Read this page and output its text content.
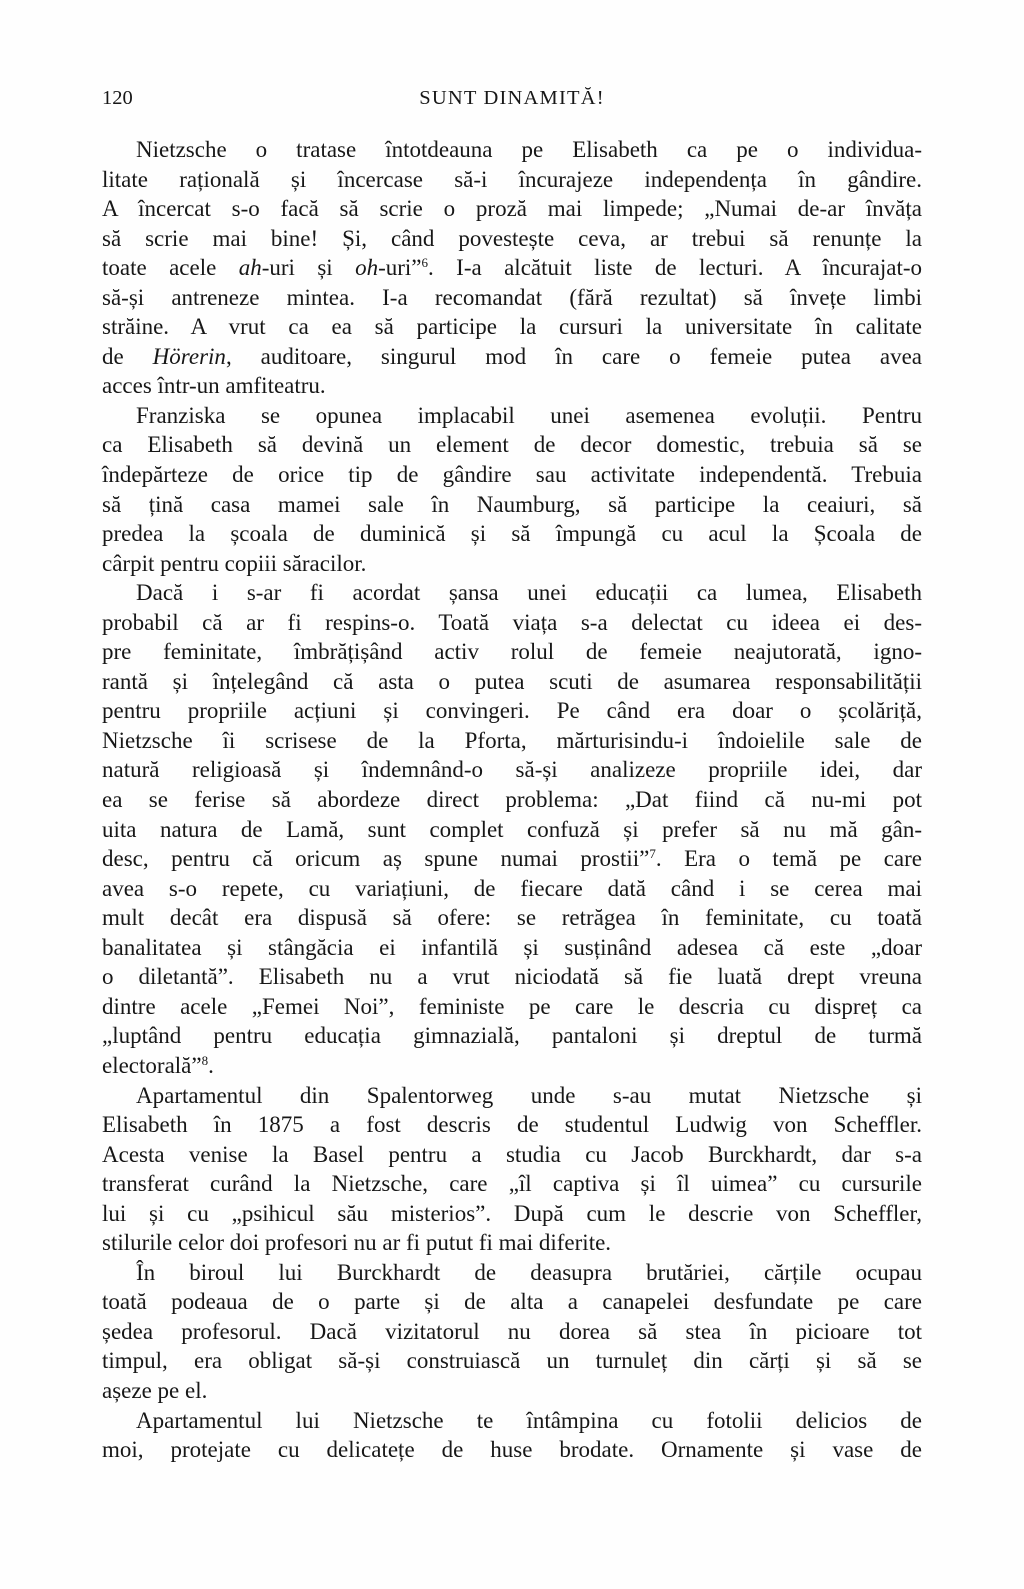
120	SUNT DINAMITĂ!
Nietzsche o tratase întotdeauna pe Elisabeth ca pe o individua-
litate rațională și încercase să-i încurajeze independența în gândire.
A încercat s-o facă să scrie o proză mai limpede; „Numai de-ar învăța
să scrie mai bine! Și, când povestește ceva, ar trebui să renunțe la
toate acele ah-uri și oh-uri”$^6$. I-a alcătuit liste de lecturi. A încurajat-o
să-și antreneze mintea. I-a recomandat (fără rezultat) să învețe limbi
străine. A vrut ca ea să participe la cursuri la universitate în calitate
de Hörerin, auditoare, singurul mod în care o femeie putea avea
acces într-un amfiteatru.
Franziska se opunea implacabil unei asemenea evoluții. Pentru
ca Elisabeth să devină un element de decor domestic, trebuia să se
îndepărteze de orice tip de gândire sau activitate independentă. Trebuia
să țină casa mamei sale în Naumburg, să participe la ceaiuri, să
predea la școala de duminică și să împungă cu acul la Școala de
cârpit pentru copiii săracilor.
Dacă i s-ar fi acordat șansa unei educații ca lumea, Elisabeth
probabil că ar fi respins-o. Toată viața s-a delectat cu ideea ei des-
pre feminitate, îmbrățișând activ rolul de femeie neajutorată, igno-
rantă și înțelegând că asta o putea scuti de asumarea responsabilității
pentru propriile acțiuni și convingeri. Pe când era doar o școlăriță,
Nietzsche îi scrisese de la Pforta, mărturisindu-i îndoielile sale de
natură religioasă și îndemnând-o să-și analizeze propriile idei, dar
ea se ferise să abordeze direct problema: „Dat fiind că nu-mi pot
uita natura de Lamă, sunt complet confuză și prefer să nu mă gân-
desc, pentru că oricum aș spune numai prostii”$^7$. Era o temă pe care
avea s-o repete, cu variațiuni, de fiecare dată când i se cerea mai
mult decât era dispusă să ofere: se retrăgea în feminitate, cu toată
banalitatea și stângăcia ei infantilă și susținând adesea că este „doar
o diletantă”. Elisabeth nu a vrut niciodată să fie luată drept vreuna
dintre acele „Femei Noi”, feministe pe care le descria cu dispreț ca
„luptând pentru educația gimnazială, pantaloni și dreptul de turmă
electorală”$^8$.
Apartamentul din Spalentorweg unde s-au mutat Nietzsche și
Elisabeth în 1875 a fost descris de studentul Ludwig von Scheffler.
Acesta venise la Basel pentru a studia cu Jacob Burckhardt, dar s-a
transferat curând la Nietzsche, care „îl captiva și îl uimea” cu cursurile
lui și cu „psihicul său misterios”. După cum le descrie von Scheffler,
stilurile celor doi profesori nu ar fi putut fi mai diferite.
În biroul lui Burckhardt de deasupra brutăriei, cărțile ocupau
toată podeaua de o parte și de alta a canapelei desfundate pe care
ședea profesorul. Dacă vizitatorul nu dorea să stea în picioare tot
timpul, era obligat să-și construiască un turnuleț din cărți și să se
așeze pe el.
Apartamentul lui Nietzsche te întâmpina cu fotolii delicios de
moi, protejate cu delicatețe de huse brodate. Ornamente și vase de
